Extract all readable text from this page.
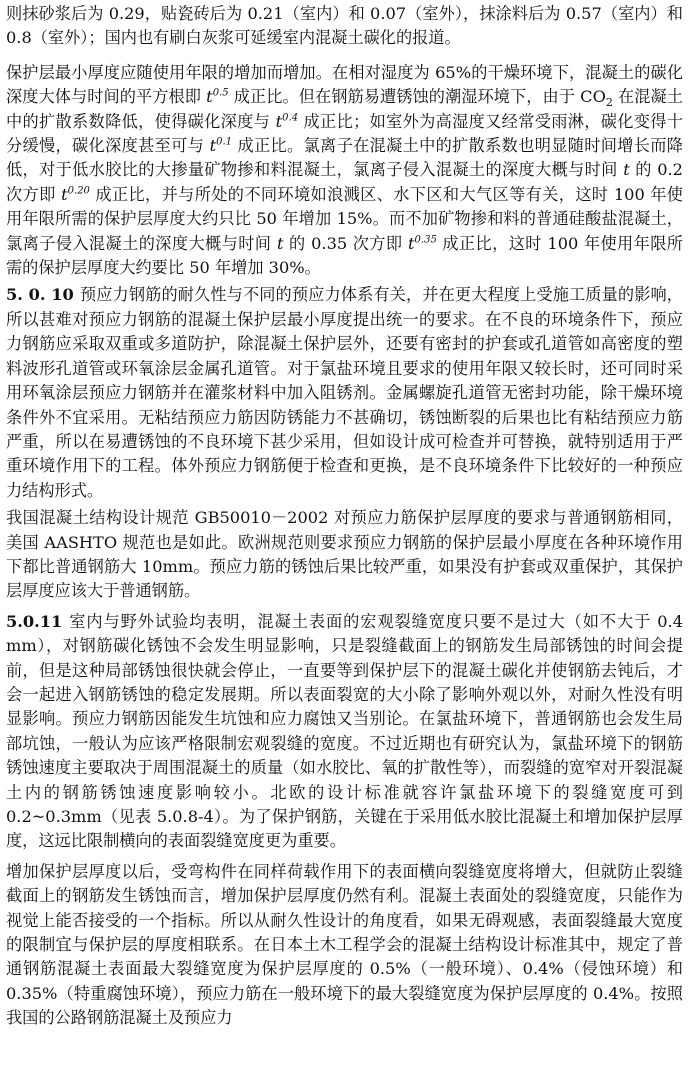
则抹砂浆后为 0.29，贴瓷砖后为 0.21（室内）和 0.07（室外），抹涂料后为 0.57（室内）和 0.8（室外）；国内也有刷白灰浆可延缓室内混凝土碳化的报道。

保护层最小厚度应随使用年限的增加而增加。在相对湿度为 65%的干燥环境下，混凝土的碳化深度大体与时间的平方根即 $t^{0.5}$ 成正比。但在钢筋易遭锈蚀的潮湿环境下，由于 $CO_2$ 在混凝土中的扩散系数降低，使得碳化深度与 $t^{0.4}$ 成正比；如室外为高湿度又经常受雨淋，碳化变得十分缓慢，碳化深度甚至可与 $t^{0.1}$ 成正比。氯离子在混凝土中的扩散系数也明显随时间增长而降低，对于低水胶比的大掺量矿物掺和料混凝土，氯离子侵入混凝土的深度大概与时间 t 的 0.2 次方即 $t^{0.20}$ 成正比，并与所处的不同环境如浪溅区、水下区和大气区等有关，这时 100 年使用年限所需的保护层厚度大约只比 50 年增加 15%。而不加矿物掺和料的普通硅酸盐混凝土，氯离子侵入混凝土的深度大概与时间 t 的 0.35 次方即 $t^{0.35}$ 成正比，这时 100 年使用年限所需的保护层厚度大约要比 50 年增加 30%。

5. 0. 10 预应力钢筋的耐久性与不同的预应力体系有关，并在更大程度上受施工质量的影响，所以甚难对预应力钢筋的混凝土保护层最小厚度提出统一的要求。在不良的环境条件下，预应力钢筋应采取双重或多道防护，除混凝土保护层外，还要有密封的护套或孔道管如高密度的塑料波形孔道管或环氧涂层金属孔道管。对于氯盐环境且要求的使用年限又较长时，还可同时采用环氧涂层预应力钢筋并在灌浆材料中加入阻锈剂。金属螺旋孔道管无密封功能，除干燥环境条件外不宜采用。无粘结预应力筋因防锈能力不甚确切，锈蚀断裂的后果也比有粘结预应力筋严重，所以在易遭锈蚀的不良环境下甚少采用，但如设计成可检查并可替换，就特别适用于严重环境作用下的工程。体外预应力钢筋便于检查和更换，是不良环境条件下比较好的一种预应力结构形式。

我国混凝土结构设计规范 GB50010－2002 对预应力筋保护层厚度的要求与普通钢筋相同，美国 AASHTO 规范也是如此。欧洲规范则要求预应力钢筋的保护层最小厚度在各种环境作用下都比普通钢筋大 10mm。预应力筋的锈蚀后果比较严重，如果没有护套或双重保护，其保护层厚度应该大于普通钢筋。

5.0.11 室内与野外试验均表明，混凝土表面的宏观裂缝宽度只要不是过大（如不大于 0.4 mm），对钢筋碳化锈蚀不会发生明显影响，只是裂缝截面上的钢筋发生局部锈蚀的时间会提前，但是这种局部锈蚀很快就会停止，一直要等到保护层下的混凝土碳化并使钢筋去钝后，才会一起进入钢筋锈蚀的稳定发展期。所以表面裂宽的大小除了影响外观以外，对耐久性没有明显影响。预应力钢筋因能发生坑蚀和应力腐蚀又当别论。在氯盐环境下，普通钢筋也会发生局部坑蚀，一般认为应该严格限制宏观裂缝的宽度。不过近期也有研究认为，氯盐环境下的钢筋锈蚀速度主要取决于周围混凝土的质量（如水胶比、氧的扩散性等），而裂缝的宽窄对开裂混凝土内的钢筋锈蚀速度影响较小。北欧的设计标准就容许氯盐环境下的裂缝宽度可到 0.2~0.3mm（见表 5.0.8-4）。为了保护钢筋，关键在于采用低水胶比混凝土和增加保护层厚度，这远比限制横向的表面裂缝宽度更为重要。

增加保护层厚度以后，受弯构件在同样荷载作用下的表面横向裂缝宽度将增大，但就防止裂缝截面上的钢筋发生锈蚀而言，增加保护层厚度仍然有利。混凝土表面处的裂缝宽度，只能作为视觉上能否接受的一个指标。所以从耐久性设计的角度看，如果无碍观感，表面裂缝最大宽度的限制宜与保护层的厚度相联系。在日本土木工程学会的混凝土结构设计标准其中，规定了普通钢筋混凝土表面最大裂缝宽度为保护层厚度的 0.5%（一般环境）、0.4%（侵蚀环境）和 0.35%（特重腐蚀环境），预应力筋在一般环境下的最大裂缝宽度为保护层厚度的 0.4%。按照我国的公路钢筋混凝土及预应力
